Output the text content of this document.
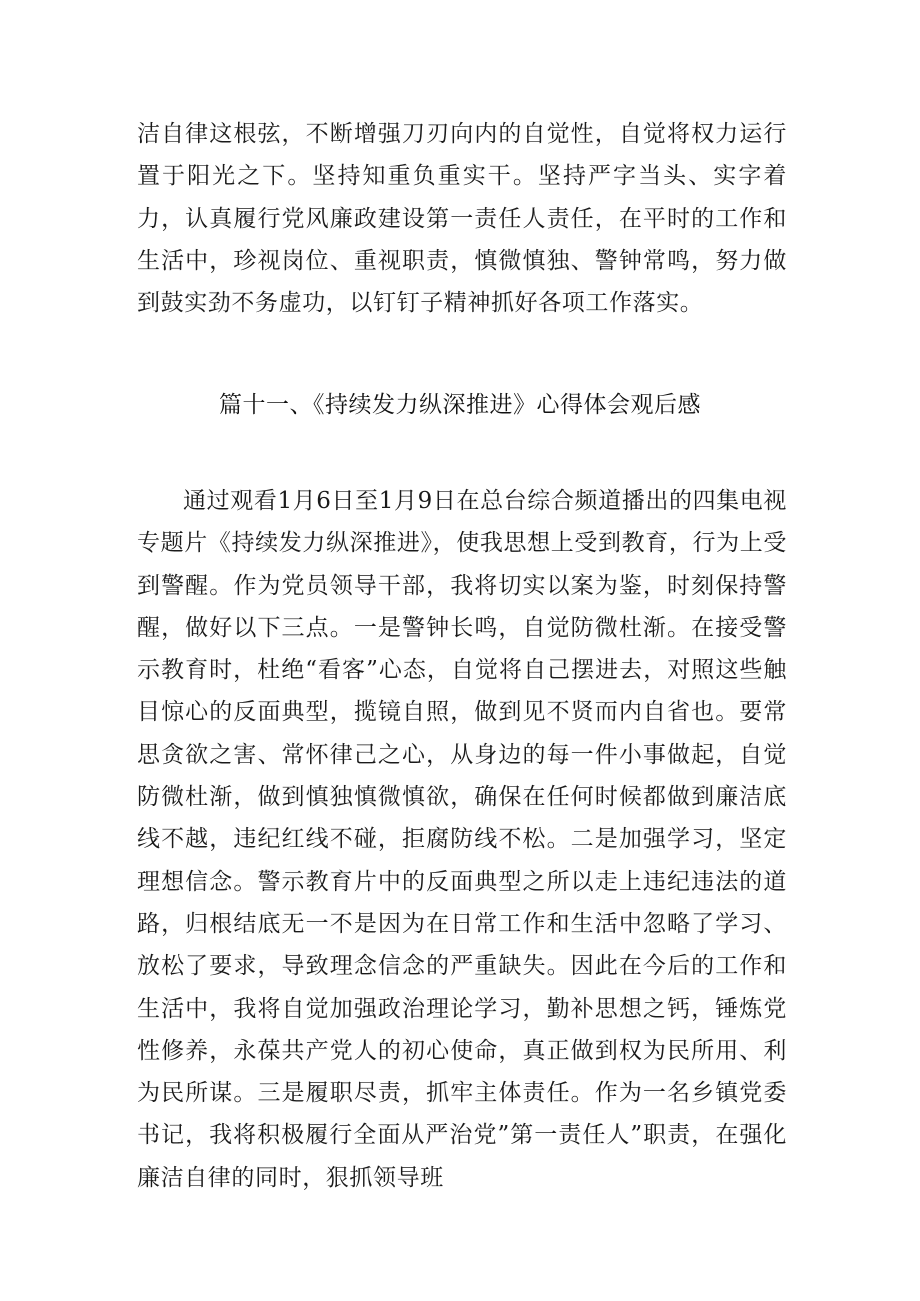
洁自律这根弦，不断增强刀刃向内的自觉性，自觉将权力运行置于阳光之下。坚持知重负重实干。坚持严字当头、实字着力，认真履行党风廉政建设第一责任人责任，在平时的工作和生活中，珍视岗位、重视职责，慎微慎独、警钟常鸣，努力做到鼓实劲不务虚功，以钉钉子精神抓好各项工作落实。

篇十一、《持续发力纵深推进》心得体会观后感

通过观看1月6日至1月9日在总台综合频道播出的四集电视专题片《持续发力纵深推进》，使我思想上受到教育，行为上受到警醒。作为党员领导干部，我将切实以案为鉴，时刻保持警醒，做好以下三点。一是警钟长鸣，自觉防微杜渐。在接受警示教育时，杜绝“看客”心态，自觉将自己摆进去，对照这些触目惊心的反面典型，揽镜自照，做到见不贤而内自省也。要常思贪欲之害、常怀律己之心，从身边的每一件小事做起，自觉防微杜渐，做到慎独慎微慎欲，确保在任何时候都做到廉洁底线不越，违纪红线不碰，拒腐防线不松。二是加强学习，坚定理想信念。警示教育片中的反面典型之所以走上违纪违法的道路，归根结底无一不是因为在日常工作和生活中忽略了学习、放松了要求，导致理念信念的严重缺失。因此在今后的工作和生活中，我将自觉加强政治理论学习，勤补思想之钙，锤炼党性修养，永葆共产党人的初心使命，真正做到权为民所用、利为民所谋。三是履职尽责，抓牢主体责任。作为一名乡镇党委书记，我将积极履行全面从严治党”第一责任人”职责，在强化廉洁自律的同时，狠抓领导班
